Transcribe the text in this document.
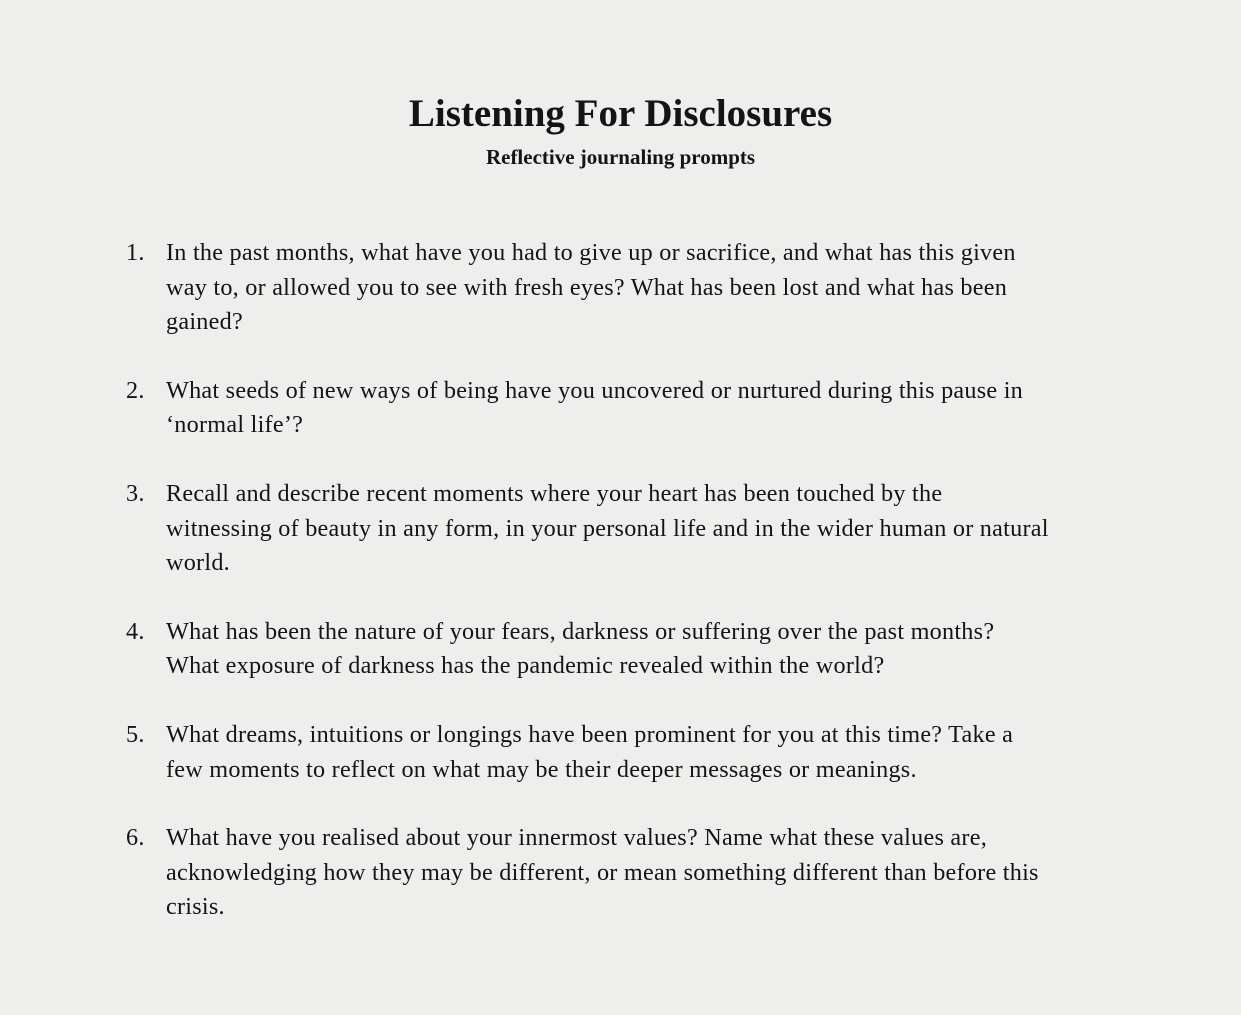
Listening For Disclosures
Reflective journaling prompts
1. In the past months, what have you had to give up or sacrifice, and what has this given
way to, or allowed you to see with fresh eyes? What has been lost and what has been
gained?
2. What seeds of new ways of being have you uncovered or nurtured during this pause in
‘normal life’?
3. Recall and describe recent moments where your heart has been touched by the
witnessing of beauty in any form, in your personal life and in the wider human or natural
world.
4. What has been the nature of your fears, darkness or suffering over the past months?
What exposure of darkness has the pandemic revealed within the world?
5. What dreams, intuitions or longings have been prominent for you at this time? Take a
few moments to reflect on what may be their deeper messages or meanings.
6. What have you realised about your innermost values? Name what these values are,
acknowledging how they may be different, or mean something different than before this
crisis.
